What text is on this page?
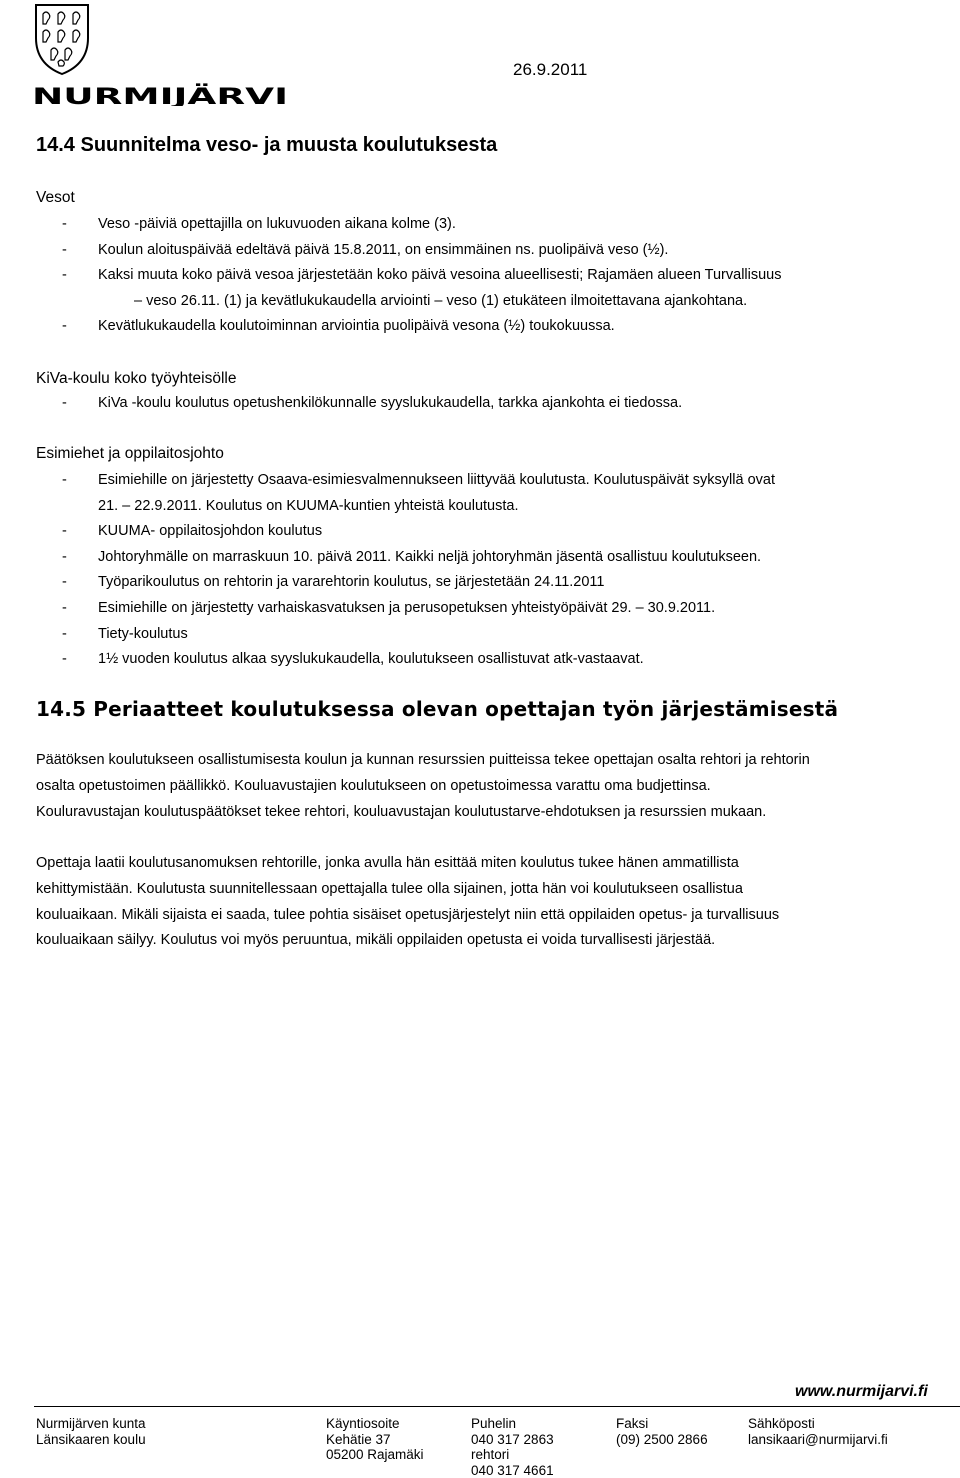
NURMIJÄRVI
26.9.2011
14.4 Suunnitelma veso- ja muusta koulutuksesta
Vesot
- Veso -päiviä opettajilla on lukuvuoden aikana kolme (3).
- Koulun aloituspäivää edeltävä päivä 15.8.2011, on ensimmäinen ns. puolipäivä veso (½).
- Kaksi muuta koko päivä vesoa järjestetään koko päivä vesoina alueellisesti; Rajamäen alueen Turvallisuus
– veso 26.11. (1) ja kevätlukukaudella arviointi – veso (1) etukäteen ilmoitettavana ajankohtana.
- Kevätlukukaudella koulutoiminnan arviointia puolipäivä vesona (½) toukokuussa.
KiVa-koulu koko työyhteisölle
- KiVa -koulu koulutus opetushenkilökunnalle syyslukukaudella, tarkka ajankohta ei tiedossa.
Esimiehet ja oppilaitosjohto
- Esimiehille on järjestetty Osaava-esimiesvalmennukseen liittyvää koulutusta. Koulutuspäivät syksyllä ovat
21. – 22.9.2011. Koulutus on KUUMA-kuntien yhteistä koulutusta.
- KUUMA- oppilaitosjohdon koulutus
- Johtoryhmälle on marraskuun 10. päivä 2011. Kaikki neljä johtoryhmän jäsentä osallistuu koulutukseen.
- Työparikoulutus on rehtorin ja vararehtorin koulutus, se järjestetään 24.11.2011
- Esimiehille on järjestetty varhaiskasvatuksen ja perusopetuksen yhteistyöpäivät 29. – 30.9.2011.
- Tiety-koulutus
- 1½ vuoden koulutus alkaa syyslukukaudella, koulutukseen osallistuvat atk-vastaavat.
14.5 Periaatteet koulutuksessa olevan opettajan työn järjestämisestä
Päätöksen koulutukseen osallistumisesta koulun ja kunnan resurssien puitteissa tekee opettajan osalta rehtori ja rehtorin
osalta opetustoimen päällikkö. Kouluavustajien koulutukseen on opetustoimessa varattu oma budjettinsa.
Kouluravustajan koulutuspäätökset tekee rehtori, kouluavustajan koulutustarve-ehdotuksen ja resurssien mukaan.
Opettaja laatii koulutusanomuksen rehtorille, jonka avulla hän esittää miten koulutus tukee hänen ammatillista
kehittymistään. Koulutusta suunnitellessaan opettajalla tulee olla sijainen, jotta hän voi koulutukseen osallistua
kouluaikaan. Mikäli sijaista ei saada, tulee pohtia sisäiset opetusjärjestelyt niin että oppilaiden opetus- ja turvallisuus
kouluaikaan säilyy. Koulutus voi myös peruuntua, mikäli oppilaiden opetusta ei voida turvallisesti järjestää.
www.nurmijarvi.fi
Nurmijärven kunta
Länsikaaren koulu
Käyntiosoite
Kehätie 37
05200 Rajamäki
Puhelin
040 317 2863
rehtori
040 317 4661
Faksi
(09) 2500 2866
Sähköposti
lansikaari@nurmijarvi.fi
